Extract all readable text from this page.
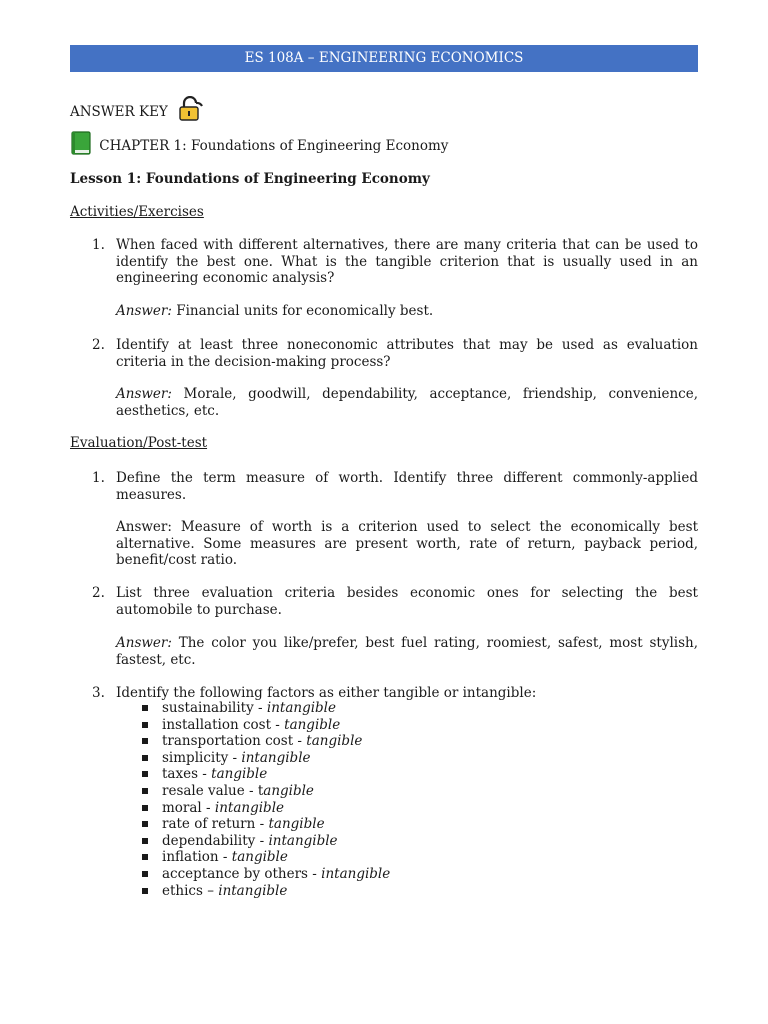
ES 108A – ENGINEERING ECONOMICS
ANSWER KEY
CHAPTER 1: Foundations of Engineering Economy
Lesson 1: Foundations of Engineering Economy
Activities/Exercises
1. When faced with different alternatives, there are many criteria that can be used to identify the best one. What is the tangible criterion that is usually used in an engineering economic analysis?
Answer: Financial units for economically best.
2. Identify at least three noneconomic attributes that may be used as evaluation criteria in the decision-making process?
Answer: Morale, goodwill, dependability, acceptance, friendship, convenience, aesthetics, etc.
Evaluation/Post-test
1. Define the term measure of worth. Identify three different commonly-applied measures.
Answer: Measure of worth is a criterion used to select the economically best alternative. Some measures are present worth, rate of return, payback period, benefit/cost ratio.
2. List three evaluation criteria besides economic ones for selecting the best automobile to purchase.
Answer: The color you like/prefer, best fuel rating, roomiest, safest, most stylish, fastest, etc.
3. Identify the following factors as either tangible or intangible:
sustainability - intangible
installation cost - tangible
transportation cost - tangible
simplicity - intangible
taxes - tangible
resale value - tangible
moral - intangible
rate of return - tangible
dependability - intangible
inflation - tangible
acceptance by others - intangible
ethics – intangible
